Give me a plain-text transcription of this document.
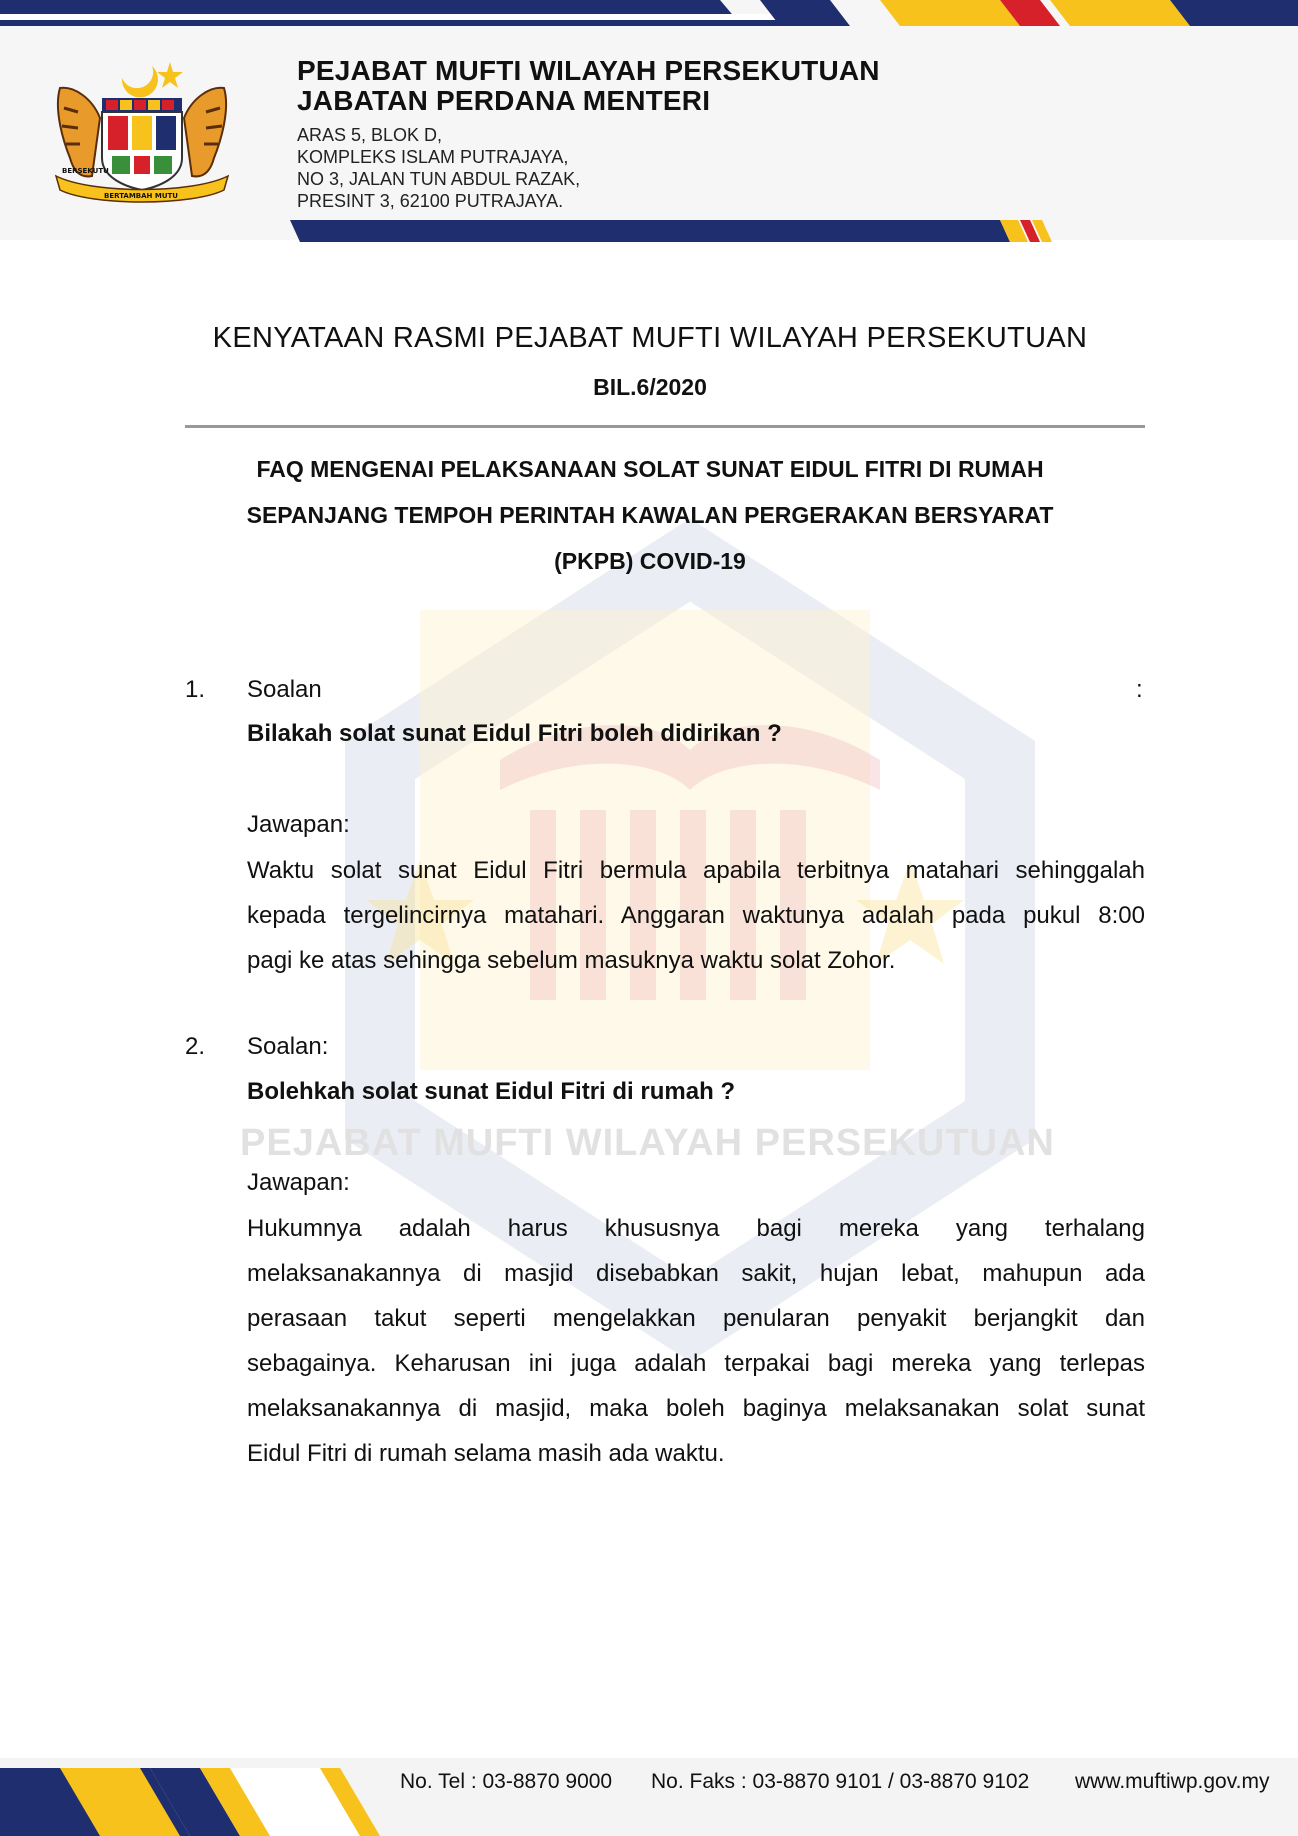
BERSEKUTU
BERTAMBAH MUTU
PEJABAT MUFTI WILAYAH PERSEKUTUAN
JABATAN PERDANA MENTERI
ARAS 5, BLOK D,
KOMPLEKS ISLAM PUTRAJAYA,
NO 3, JALAN TUN ABDUL RAZAK,
PRESINT 3, 62100 PUTRAJAYA.
PEJABAT MUFTI WILAYAH PERSEKUTUAN
KENYATAAN RASMI PEJABAT MUFTI WILAYAH PERSEKUTUAN
BIL.6/2020
FAQ MENGENAI PELAKSANAAN SOLAT SUNAT EIDUL FITRI DI RUMAH
SEPANJANG TEMPOH PERINTAH KAWALAN PERGERAKAN BERSYARAT
(PKPB) COVID-19
1. Soalan	:
Bilakah solat sunat Eidul Fitri boleh didirikan ?
Jawapan:
Waktu solat sunat Eidul Fitri bermula apabila terbitnya matahari sehinggalah
kepada tergelincirnya matahari. Anggaran waktunya adalah pada pukul 8:00
pagi ke atas sehingga sebelum masuknya waktu solat Zohor.
2. Soalan:
Bolehkah solat sunat Eidul Fitri di rumah ?
Jawapan:
Hukumnya adalah harus khususnya bagi mereka yang terhalang
melaksanakannya di masjid disebabkan sakit, hujan lebat, mahupun ada
perasaan takut seperti mengelakkan penularan penyakit berjangkit dan
sebagainya. Keharusan ini juga adalah terpakai bagi mereka yang terlepas
melaksanakannya di masjid, maka boleh baginya melaksanakan solat sunat
Eidul Fitri di rumah selama masih ada waktu.
No. Tel : 03-8870 9000 No. Faks : 03-8870 9101 / 03-8870 9102 www.muftiwp.gov.my
